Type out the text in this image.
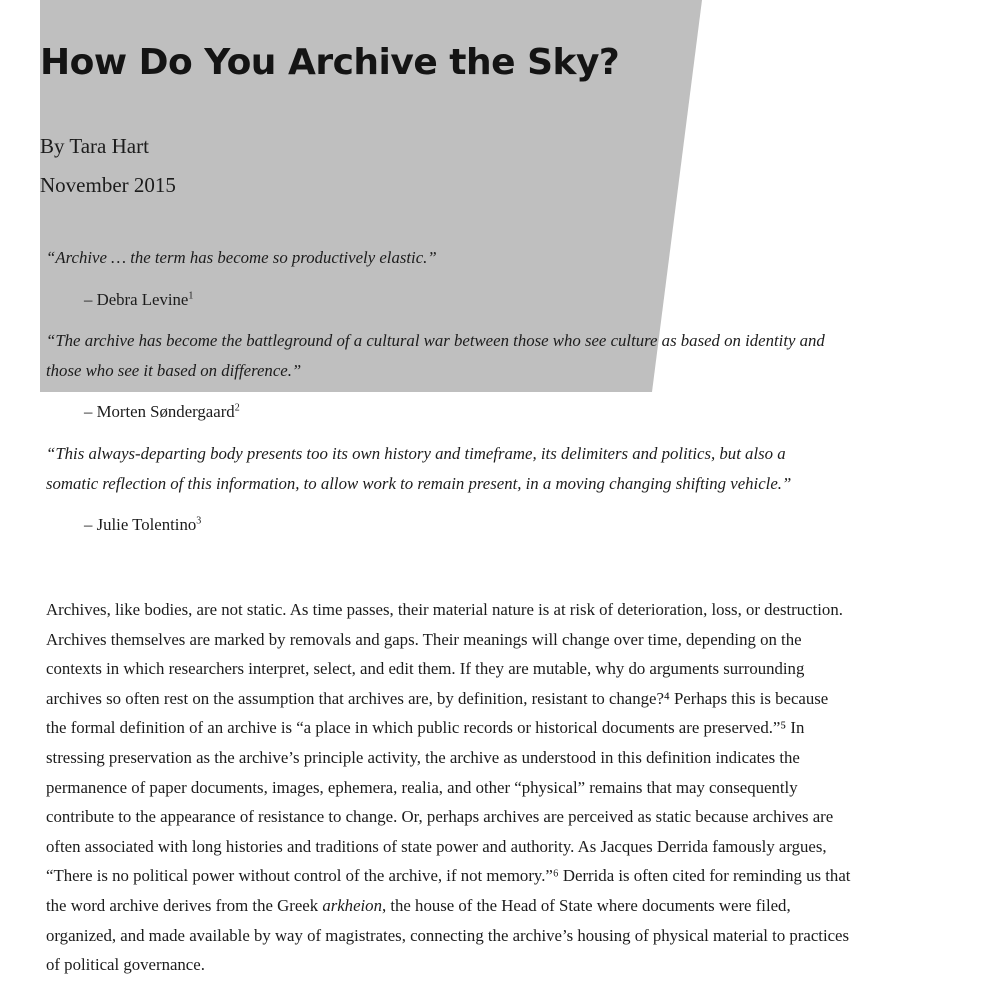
How Do You Archive the Sky?

By Tara Hart

November 2015

“Archive … the term has become so productively elastic.”

– Debra Levine$^1$

“The archive has become the battleground of a cultural war between those who see culture as based on identity and
those who see it based on difference.”

– Morten Søndergaard$^2$

“This always-departing body presents too its own history and timeframe, its delimiters and politics, but also a
somatic reflection of this information, to allow work to remain present, in a moving changing shifting vehicle.”

– Julie Tolentino$^3$

Archives, like bodies, are not static. As time passes, their material nature is at risk of deterioration, loss, or destruction.
Archives themselves are marked by removals and gaps. Their meanings will change over time, depending on the
contexts in which researchers interpret, select, and edit them. If they are mutable, why do arguments surrounding
archives so often rest on the assumption that archives are, by definition, resistant to change?⁴ Perhaps this is because
the formal definition of an archive is “a place in which public records or historical documents are preserved.”⁵ In
stressing preservation as the archive’s principle activity, the archive as understood in this definition indicates the
permanence of paper documents, images, ephemera, realia, and other “physical” remains that may consequently
contribute to the appearance of resistance to change. Or, perhaps archives are perceived as static because archives are
often associated with long histories and traditions of state power and authority. As Jacques Derrida famously argues,
“There is no political power without control of the archive, if not memory.”⁶ Derrida is often cited for reminding us that
the word archive derives from the Greek arkheion, the house of the Head of State where documents were filed,
organized, and made available by way of magistrates, connecting the archive’s housing of physical material to practices
of political governance.
